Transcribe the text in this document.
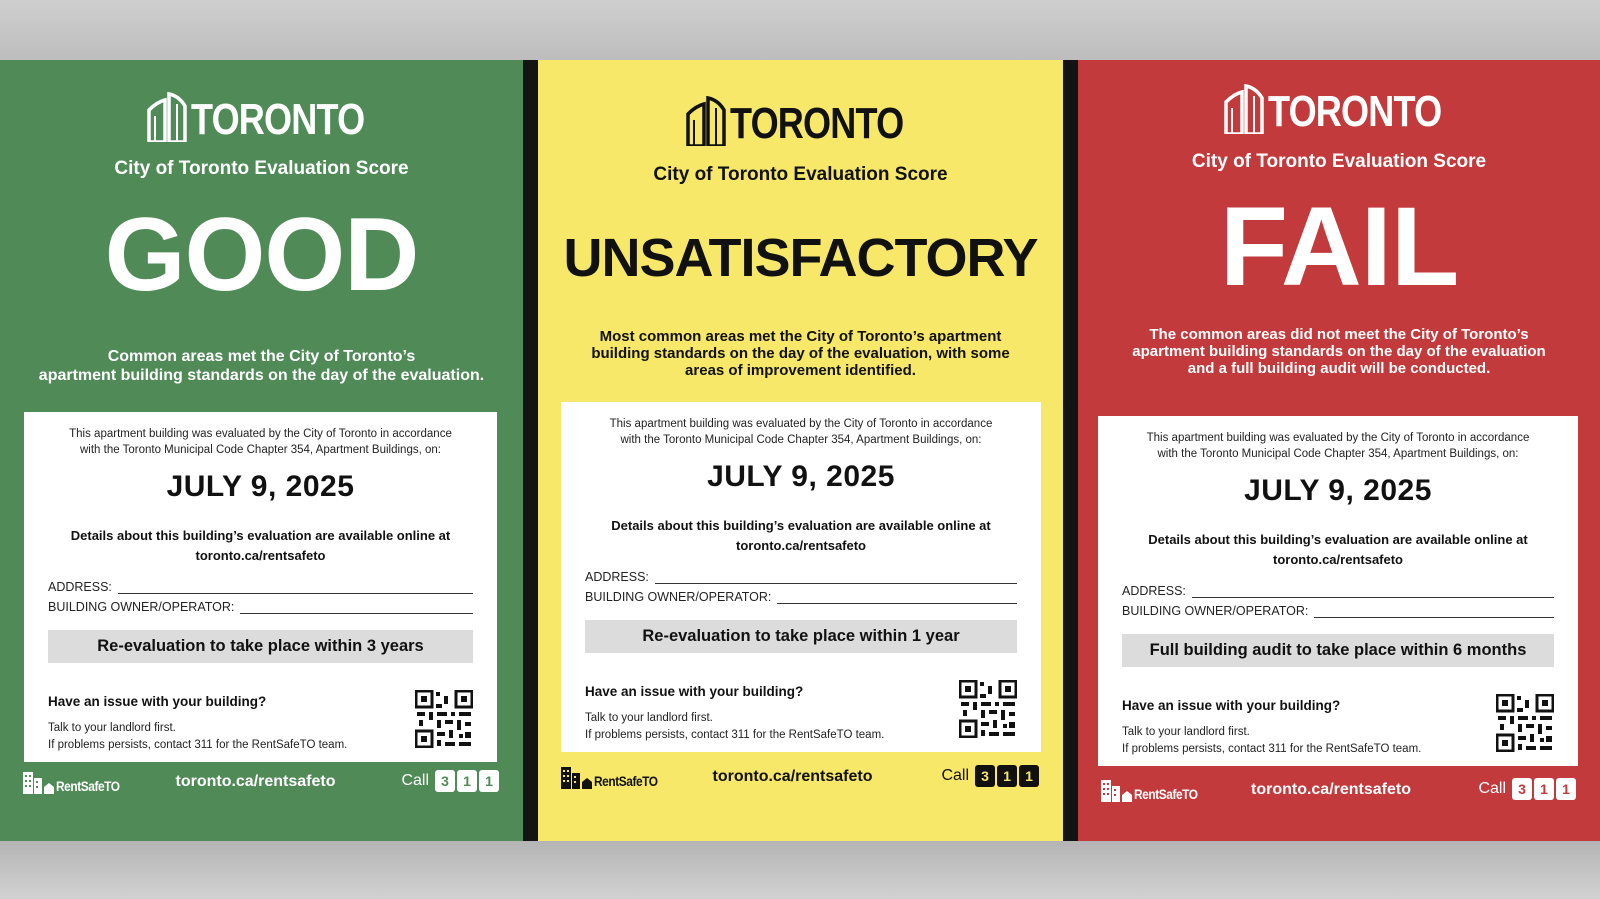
TORONTO
City of Toronto Evaluation Score
GOOD
Common areas met the City of Toronto’s
apartment building standards on the day of the evaluation.
This apartment building was evaluated by the City of Toronto in accordance
with the Toronto Municipal Code Chapter 354, Apartment Buildings, on:
JULY 9, 2025
Details about this building’s evaluation are available online at
toronto.ca/rentsafeto
ADDRESS:
BUILDING OWNER/OPERATOR:
Re-evaluation to take place within 3 years
Have an issue with your building?
Talk to your landlord first.
If problems persists, contact 311 for the RentSafeTO team.
RentSafeTO	toronto.ca/rentsafeto	Call 3	1	1
TORONTO
City of Toronto Evaluation Score
UNSATISFACTORY
Most common areas met the City of Toronto’s apartment
building standards on the day of the evaluation, with some
areas of improvement identified.
This apartment building was evaluated by the City of Toronto in accordance
with the Toronto Municipal Code Chapter 354, Apartment Buildings, on:
JULY 9, 2025
Details about this building’s evaluation are available online at
toronto.ca/rentsafeto
ADDRESS:
BUILDING OWNER/OPERATOR:
Re-evaluation to take place within 1 year
Have an issue with your building?
Talk to your landlord first.
If problems persists, contact 311 for the RentSafeTO team.
RentSafeTO	toronto.ca/rentsafeto	Call 3	1	1
TORONTO
City of Toronto Evaluation Score
FAIL
The common areas did not meet the City of Toronto’s
apartment building standards on the day of the evaluation
and a full building audit will be conducted.
This apartment building was evaluated by the City of Toronto in accordance
with the Toronto Municipal Code Chapter 354, Apartment Buildings, on:
JULY 9, 2025
Details about this building’s evaluation are available online at
toronto.ca/rentsafeto
ADDRESS:
BUILDING OWNER/OPERATOR:
Full building audit to take place within 6 months
Have an issue with your building?
Talk to your landlord first.
If problems persists, contact 311 for the RentSafeTO team.
RentSafeTO	toronto.ca/rentsafeto	Call 3	1	1
